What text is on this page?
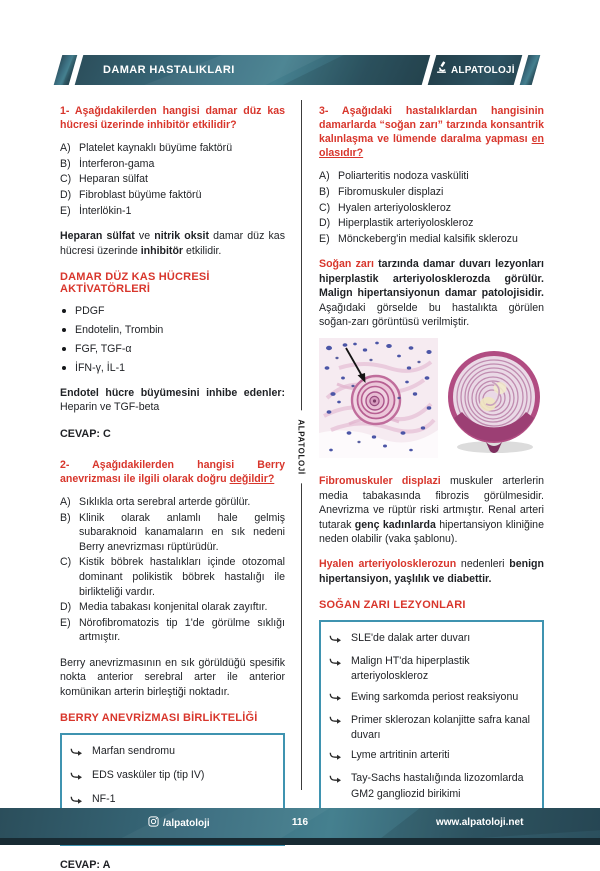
DAMAR HASTALIKLARI	ALPATOLOJİ
ALPATOLOJİ
1- Aşağıdakilerden hangisi damar düz kas hücresi üzerinde inhibitör etkilidir?
A) Platelet kaynaklı büyüme faktörü
B) İnterferon-gama
C) Heparan sülfat
D) Fibroblast büyüme faktörü
E) İnterlökin-1
Heparan sülfat ve nitrik oksit damar düz kas hücresi üzerinde inhibitör etkilidir.
DAMAR DÜZ KAS HÜCRESİ AKTİVATÖRLERİ
PDGF
Endotelin, Trombin
FGF, TGF-α
İFN-γ, İL-1
Endotel hücre büyümesini inhibe edenler: Heparin ve TGF-beta
CEVAP: C
2- Aşağıdakilerden hangisi Berry anevrizması ile ilgili olarak doğru değildir?
A) Sıklıkla orta serebral arterde görülür.
B) Klinik olarak anlamlı hale gelmiş subaraknoid kanamaların en sık nedeni Berry anevrizması rüptürüdür.
C) Kistik böbrek hastalıkları içinde otozomal dominant polikistik böbrek hastalığı ile birlikteliği vardır.
D) Media tabakası konjenital olarak zayıftır.
E) Nörofibromatozis tip 1'de görülme sıklığı artmıştır.
Berry anevrizmasının en sık görüldüğü spesifik nokta anterior serebral arter ile anterior komünikan arterin birleştiği noktadır.
BERRY ANEVRİZMASI BİRLİKTELİĞİ
Marfan sendromu
EDS vasküler tip (tip IV)
NF-1
CEVAP: A
3- Aşağıdaki hastalıklardan hangisinin damarlarda “soğan zarı” tarzında konsantrik kalınlaşma ve lümende daralma yapması en olasıdır?
A) Poliarteritis nodoza vasküliti
B) Fibromuskuler displazi
C) Hyalen arteriyoloskleroz
D) Hiperplastik arteriyoloskleroz
E) Mönckeberg'in medial kalsifik sklerozu
Soğan zarı tarzında damar duvarı lezyonları hiperplastik arteriyolosklerozda görülür. Malign hipertansiyonun damar patolojisidir. Aşağıdaki görselde bu hastalıkta görülen soğan-zarı görüntüsü verilmiştir.
Fibromuskuler displazi muskuler arterlerin media tabakasında fibrozis görülmesidir. Anevrizma ve rüptür riski artmıştır. Renal arteri tutarak genç kadınlarda hipertansiyon kliniğine neden olabilir (vaka şablonu).
Hyalen arteriyolosklerozun nedenleri benign hipertansiyon, yaşlılık ve diabettir.
SOĞAN ZARI LEZYONLARI
SLE'de dalak arter duvarı
Malign HT'da hiperplastik arteriyoloskleroz
Ewing sarkomda periost reaksiyonu
Primer sklerozan kolanjitte safra kanal duvarı
Lyme artritinin arteriti
Tay-Sachs hastalığında lizozomlarda GM2 gangliozid birikimi
/alpatoloji	116	www.alpatoloji.net
